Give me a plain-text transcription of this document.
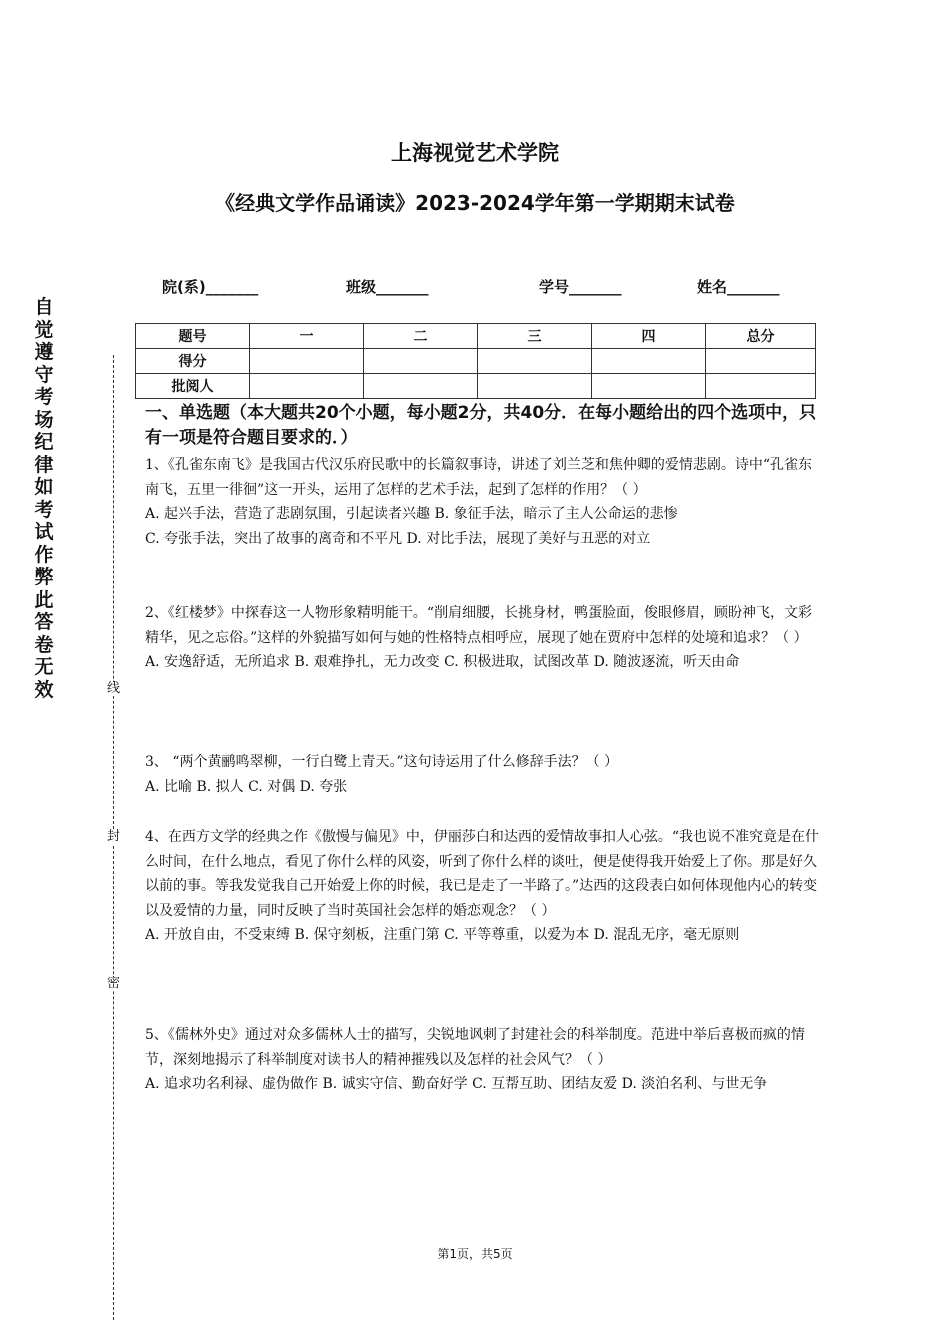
上海视觉艺术学院
《经典文学作品诵读》2023-2024学年第一学期期末试卷
院(系)_______	班级_______	学号_______	姓名_______
题号	一	二	三	四	总分
得分					
批阅人					
自
觉
遵
守
考
场
纪
律
如
考
试
作
弊
此
答
卷
无
效	线
封
密
一、单选题（本大题共20个小题，每小题2分，共40分．在每小题给出的四个选项中，只有一项是符合题目要求的．）

1、《孔雀东南飞》是我国古代汉乐府民歌中的长篇叙事诗，讲述了刘兰芝和焦仲卿的爱情悲剧。诗中“孔雀东南飞，五里一徘徊”这一开头，运用了怎样的艺术手法，起到了怎样的作用？（ ）

A. 起兴手法，营造了悲剧氛围，引起读者兴趣 B. 象征手法，暗示了主人公命运的悲惨

C. 夸张手法，突出了故事的离奇和不平凡 D. 对比手法，展现了美好与丑恶的对立

2、《红楼梦》中探春这一人物形象精明能干。“削肩细腰，长挑身材，鸭蛋脸面，俊眼修眉，顾盼神飞，文彩精华，见之忘俗。”这样的外貌描写如何与她的性格特点相呼应，展现了她在贾府中怎样的处境和追求？（ ）

A. 安逸舒适，无所追求 B. 艰难挣扎，无力改变 C. 积极进取，试图改革 D. 随波逐流，听天由命

3、 “两个黄鹂鸣翠柳，一行白鹭上青天。”这句诗运用了什么修辞手法？（ ）

A. 比喻 B. 拟人 C. 对偶 D. 夸张

4、在西方文学的经典之作《傲慢与偏见》中，伊丽莎白和达西的爱情故事扣人心弦。“我也说不准究竟是在什么时间，在什么地点，看见了你什么样的风姿，听到了你什么样的谈吐，便是使得我开始爱上了你。那是好久以前的事。等我发觉我自己开始爱上你的时候，我已是走了一半路了。”达西的这段表白如何体现他内心的转变以及爱情的力量，同时反映了当时英国社会怎样的婚恋观念？（ ）

A. 开放自由，不受束缚 B. 保守刻板，注重门第 C. 平等尊重，以爱为本 D. 混乱无序，毫无原则

5、《儒林外史》通过对众多儒林人士的描写，尖锐地讽刺了封建社会的科举制度。范进中举后喜极而疯的情节，深刻地揭示了科举制度对读书人的精神摧残以及怎样的社会风气？（ ）

A. 追求功名利禄、虚伪做作 B. 诚实守信、勤奋好学 C. 互帮互助、团结友爱 D. 淡泊名利、与世无争

第1页，共5页
